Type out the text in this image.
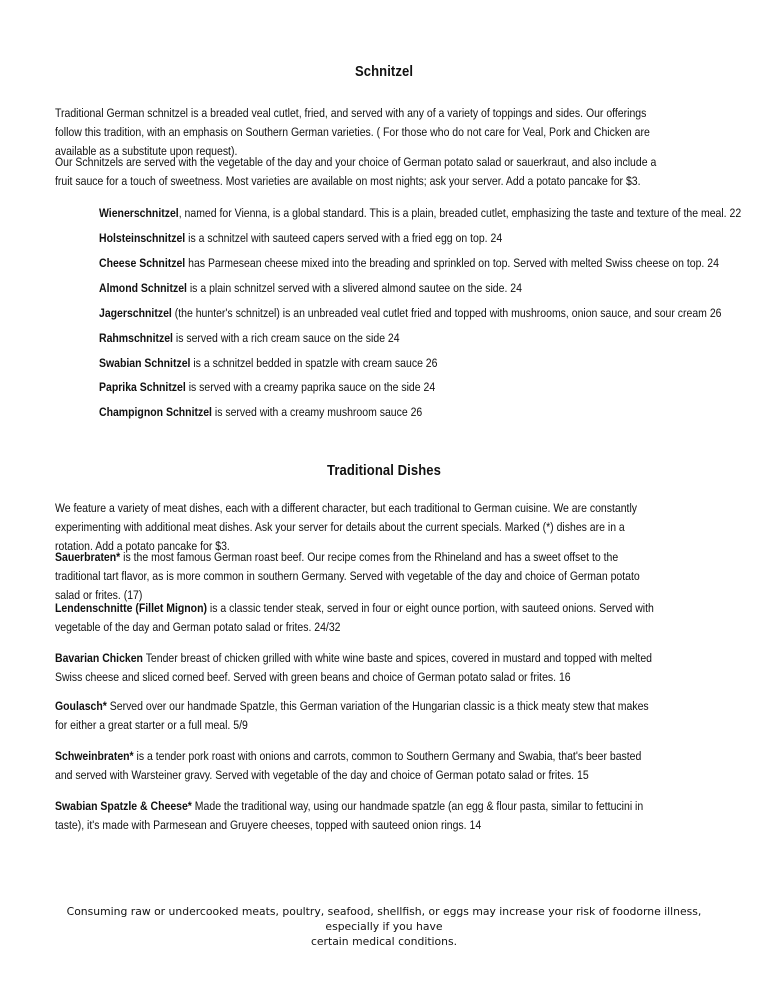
Schnitzel

Traditional German schnitzel is a breaded veal cutlet, fried, and served with any of a variety of toppings and sides. Our offerings follow this tradition, with an emphasis on Southern German varieties. ( For those who do not care for Veal, Pork and Chicken are available as a substitute upon request).

Our Schnitzels are served with the vegetable of the day and your choice of German potato salad or sauerkraut, and also include a fruit sauce for a touch of sweetness. Most varieties are available on most nights; ask your server. Add a potato pancake for $3.

Wienerschnitzel, named for Vienna, is a global standard. This is a plain, breaded cutlet, emphasizing the taste and texture of the meal. 22
Holsteinschnitzel is a schnitzel with sauteed capers served with a fried egg on top. 24
Cheese Schnitzel has Parmesean cheese mixed into the breading and sprinkled on top. Served with melted Swiss cheese on top. 24
Almond Schnitzel is a plain schnitzel served with a slivered almond sautee on the side. 24
Jagerschnitzel (the hunter's schnitzel) is an unbreaded veal cutlet fried and topped with mushrooms, onion sauce, and sour cream 26
Rahmschnitzel is served with a rich cream sauce on the side 24
Swabian Schnitzel is a schnitzel bedded in spatzle with cream sauce 26
Paprika Schnitzel is served with a creamy paprika sauce on the side 24
Champignon Schnitzel is served with a creamy mushroom sauce 26
Traditional Dishes

We feature a variety of meat dishes, each with a different character, but each traditional to German cuisine. We are constantly experimenting with additional meat dishes. Ask your server for details about the current specials. Marked (*) dishes are in a rotation. Add a potato pancake for $3.

Sauerbraten* is the most famous German roast beef. Our recipe comes from the Rhineland and has a sweet offset to the traditional tart flavor, as is more common in southern Germany. Served with vegetable of the day and choice of German potato salad or frites. (17)

Lendenschnitte (Fillet Mignon) is a classic tender steak, served in four or eight ounce portion, with sauteed onions. Served with vegetable of the day and German potato salad or frites. 24/32

Bavarian Chicken Tender breast of chicken grilled with white wine baste and spices, covered in mustard and topped with melted Swiss cheese and sliced corned beef. Served with green beans and choice of German potato salad or frites. 16

Goulasch* Served over our handmade Spatzle, this German variation of the Hungarian classic is a thick meaty stew that makes for either a great starter or a full meal. 5/9

Schweinbraten* is a tender pork roast with onions and carrots, common to Southern Germany and Swabia, that's beer basted and served with Warsteiner gravy. Served with vegetable of the day and choice of German potato salad or frites. 15

Swabian Spatzle & Cheese* Made the traditional way, using our handmade spatzle (an egg & flour pasta, similar to fettucini in taste), it's made with Parmesean and Gruyere cheeses, topped with sauteed onion rings. 14

Consuming raw or undercooked meats, poultry, seafood, shellfish, or eggs may increase your risk of foodorne illness, especially if you have
certain medical conditions.
